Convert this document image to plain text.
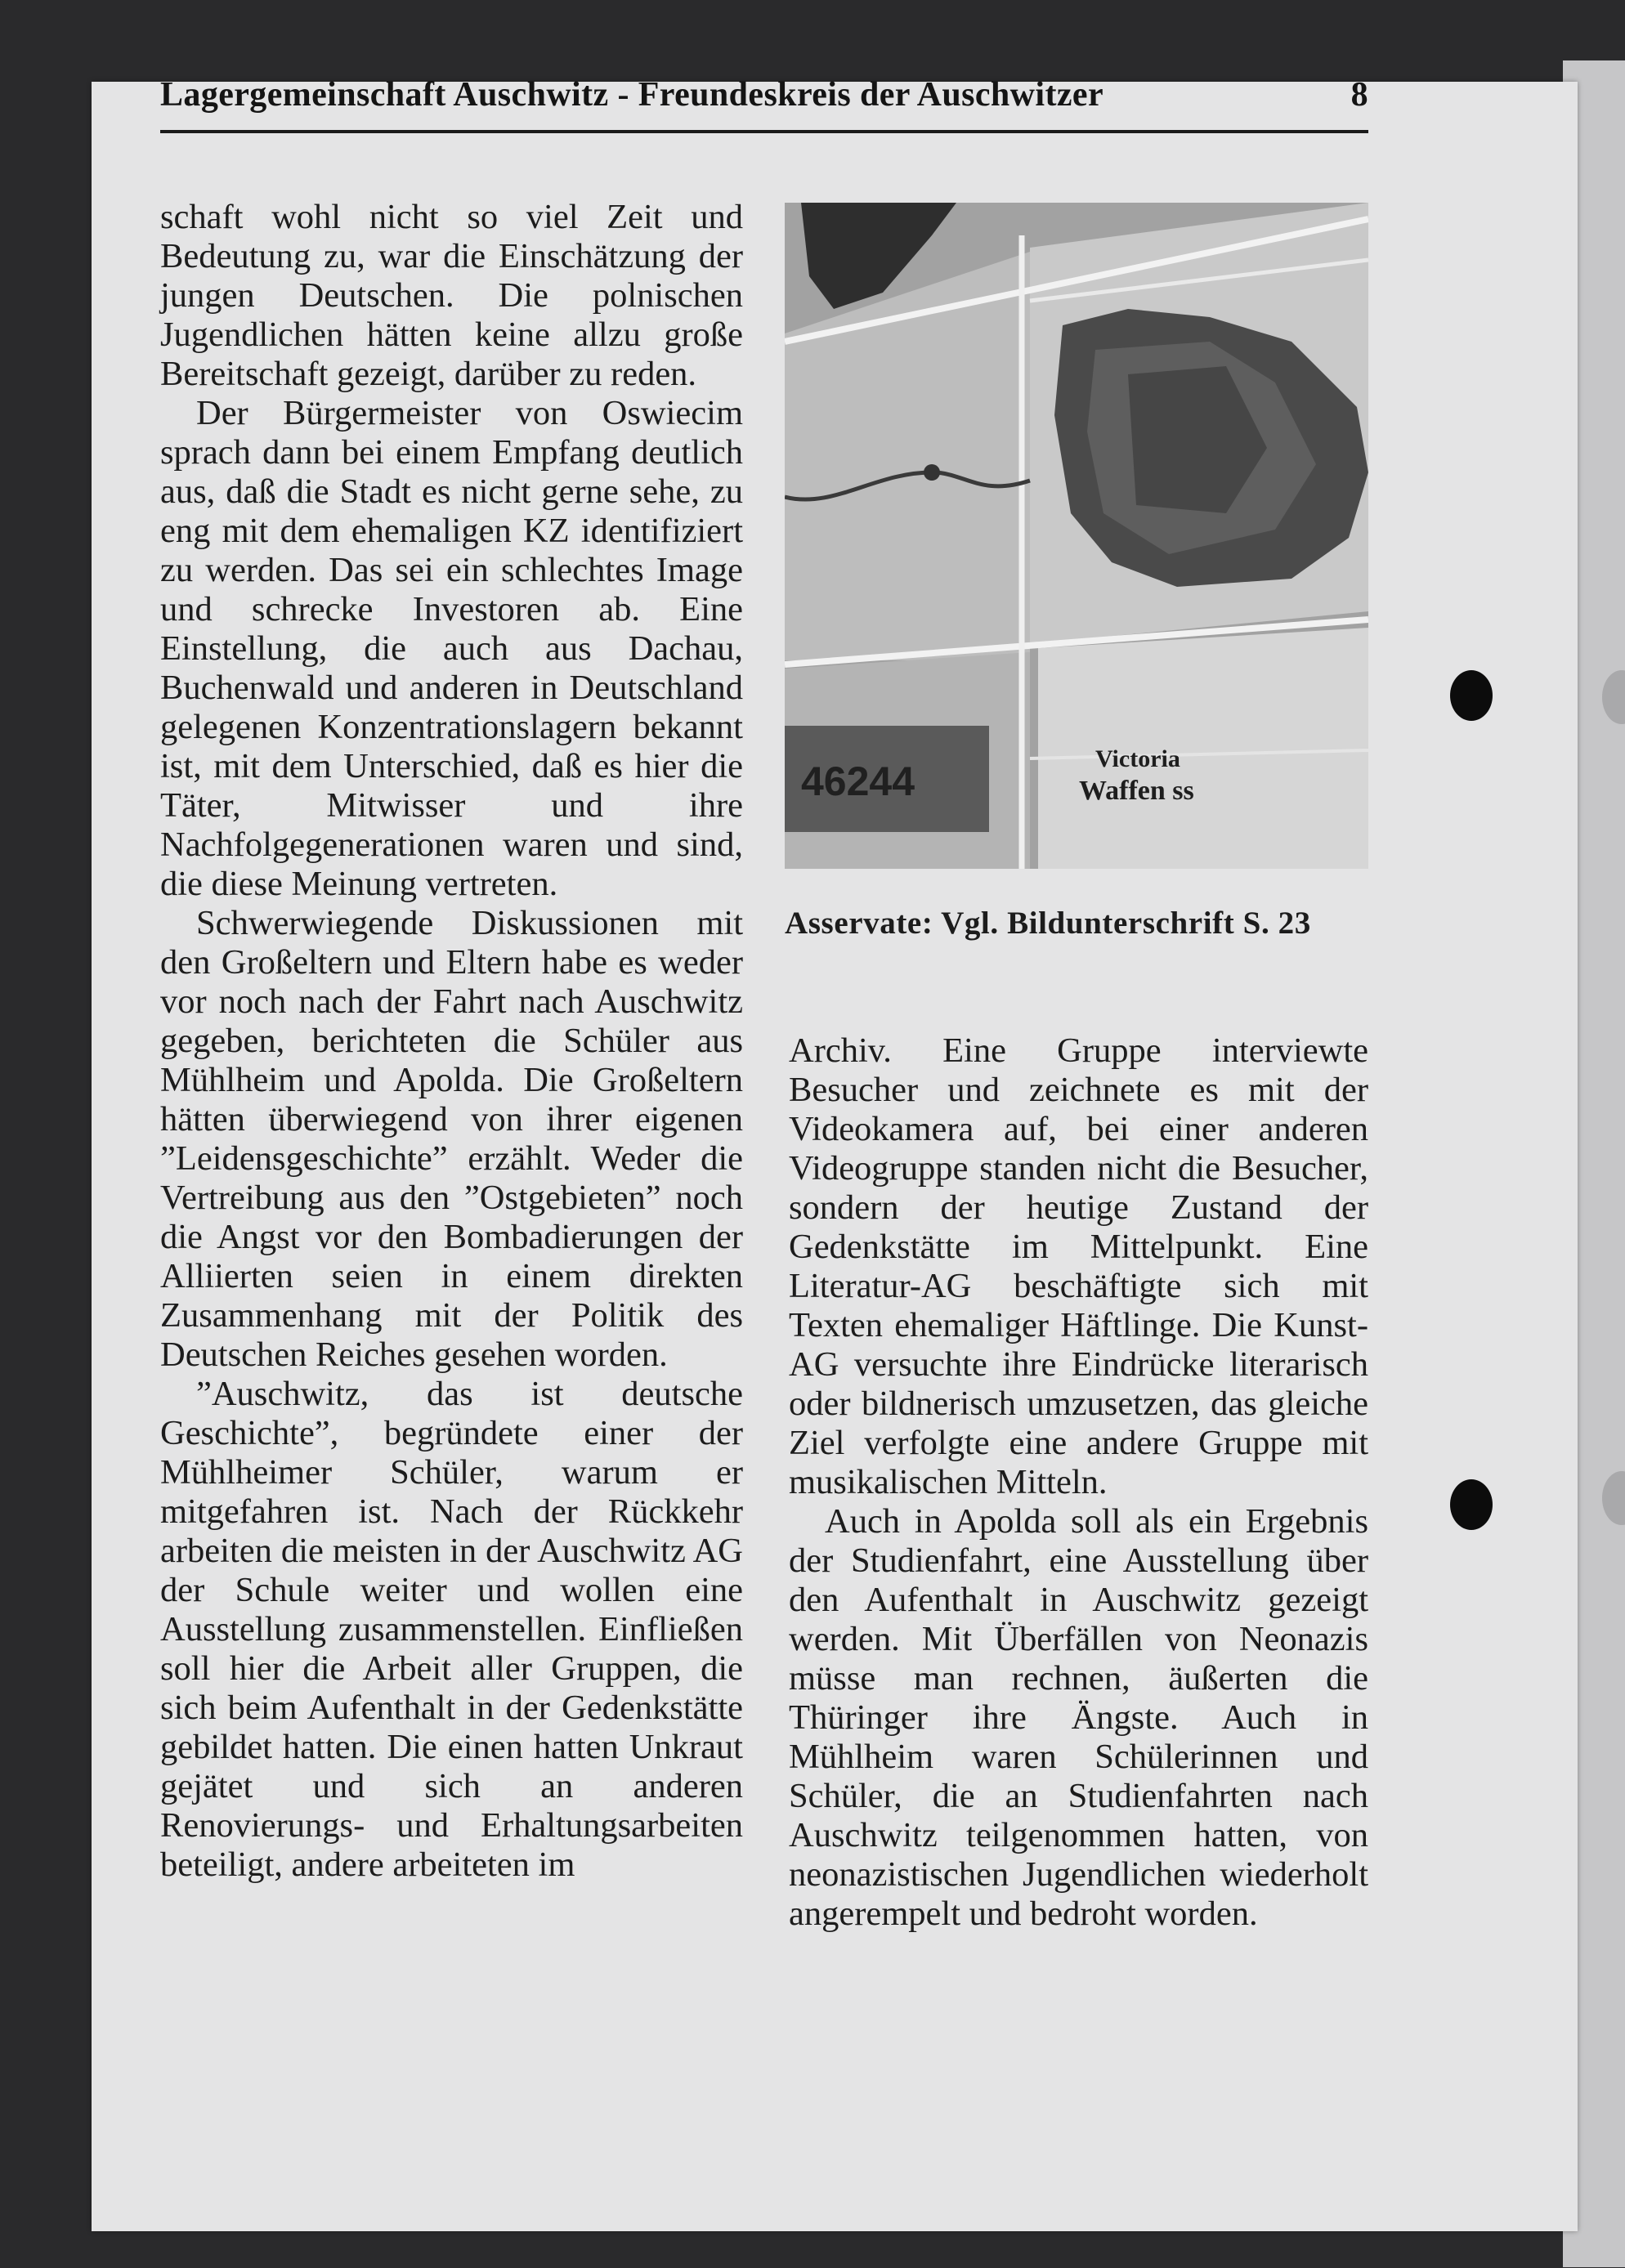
Lagergemeinschaft Auschwitz - Freundeskreis der Auschwitzer	8

schaft wohl nicht so viel Zeit und Bedeutung zu, war die Einschätzung der jungen Deutschen. Die polnischen Jugendlichen hätten keine allzu große Bereitschaft gezeigt, darüber zu reden.

Der Bürgermeister von Oswiecim sprach dann bei einem Empfang deutlich aus, daß die Stadt es nicht gerne sehe, zu eng mit dem ehemaligen KZ identifiziert zu werden. Das sei ein schlechtes Image und schrecke Investoren ab. Eine Einstellung, die auch aus Dachau, Buchenwald und anderen in Deutschland gelegenen Konzentrationslagern bekannt ist, mit dem Unterschied, daß es hier die Täter, Mitwisser und ihre Nachfolgegenerationen waren und sind, die diese Meinung vertreten.

Schwerwiegende Diskussionen mit den Großeltern und Eltern habe es weder vor noch nach der Fahrt nach Auschwitz gegeben, berichteten die Schüler aus Mühlheim und Apolda. Die Großeltern hätten überwiegend von ihrer eigenen ”Leidensgeschichte” erzählt. Weder die Vertreibung aus den ”Ostgebieten” noch die Angst vor den Bombadierungen der Alliierten seien in einem direkten Zusammenhang mit der Politik des Deutschen Reiches gesehen worden.

”Auschwitz, das ist deutsche Geschichte”, begründete einer der Mühlheimer Schüler, warum er mitgefahren ist. Nach der Rückkehr arbeiten die meisten in der Auschwitz AG der Schule weiter und wollen eine Ausstellung zusammenstellen. Einfließen soll hier die Arbeit aller Gruppen, die sich beim Aufenthalt in der Gedenkstätte gebildet hatten. Die einen hatten Unkraut gejätet und sich an anderen Renovierungs- und Erhaltungsarbeiten beteiligt, andere arbeiteten im

46244	Victoria
Waffen ss
Asservate: Vgl. Bildunterschrift S. 23

Archiv. Eine Gruppe interviewte Besucher und zeichnete es mit der Videokamera auf, bei einer anderen Videogruppe standen nicht die Besucher, sondern der heutige Zustand der Gedenkstätte im Mittelpunkt. Eine Literatur-AG beschäftigte sich mit Texten ehemaliger Häftlinge. Die Kunst-AG versuchte ihre Eindrücke literarisch oder bildnerisch umzusetzen, das gleiche Ziel verfolgte eine andere Gruppe mit musikalischen Mitteln.

Auch in Apolda soll als ein Ergebnis der Studienfahrt, eine Ausstellung über den Aufenthalt in Auschwitz gezeigt werden. Mit Überfällen von Neonazis müsse man rechnen, äußerten die Thüringer ihre Ängste. Auch in Mühlheim waren Schülerinnen und Schüler, die an Studienfahrten nach Auschwitz teilgenommen hatten, von neonazistischen Jugendlichen wiederholt angerempelt und bedroht worden.
